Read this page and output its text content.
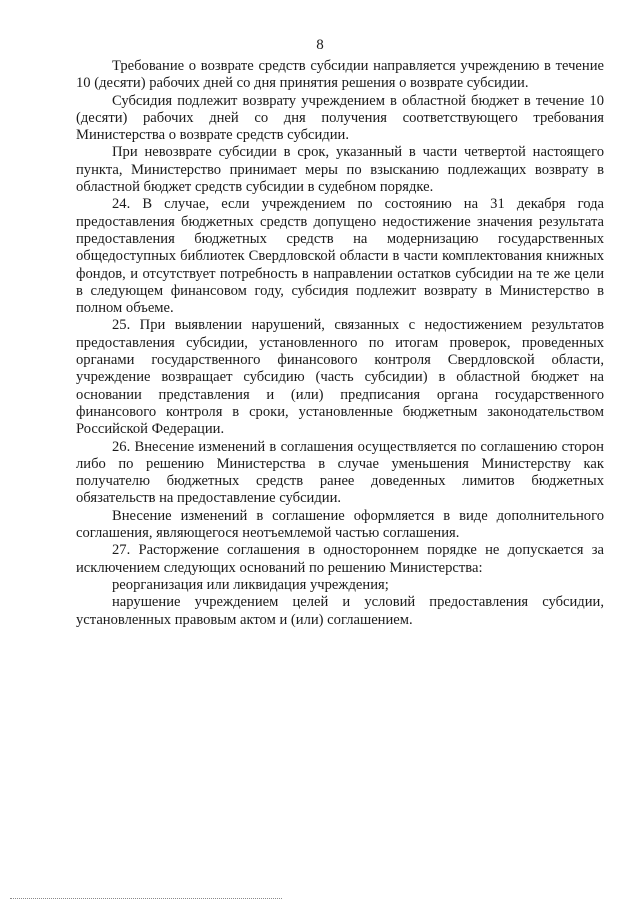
8

Требование о возврате средств субсидии направляется учреждению в течение 10 (десяти) рабочих дней со дня принятия решения о возврате субсидии.

Субсидия подлежит возврату учреждением в областной бюджет в течение 10 (десяти) рабочих дней со дня получения соответствующего требования Министерства о возврате средств субсидии.

При невозврате субсидии в срок, указанный в части четвертой настоящего пункта, Министерство принимает меры по взысканию подлежащих возврату в областной бюджет средств субсидии в судебном порядке.

24. В случае, если учреждением по состоянию на 31 декабря года предоставления бюджетных средств допущено недостижение значения результата предоставления бюджетных средств на модернизацию государственных общедоступных библиотек Свердловской области в части комплектования книжных фондов, и отсутствует потребность в направлении остатков субсидии на те же цели в следующем финансовом году, субсидия подлежит возврату в Министерство в полном объеме.

25. При выявлении нарушений, связанных с недостижением результатов предоставления субсидии, установленного по итогам проверок, проведенных органами государственного финансового контроля Свердловской области, учреждение возвращает субсидию (часть субсидии) в областной бюджет на основании представления и (или) предписания органа государственного финансового контроля в сроки, установленные бюджетным законодательством Российской Федерации.

26. Внесение изменений в соглашения осуществляется по соглашению сторон либо по решению Министерства в случае уменьшения Министерству как получателю бюджетных средств ранее доведенных лимитов бюджетных обязательств на предоставление субсидии.

Внесение изменений в соглашение оформляется в виде дополнительного соглашения, являющегося неотъемлемой частью соглашения.

27. Расторжение соглашения в одностороннем порядке не допускается за исключением следующих оснований по решению Министерства:

реорганизация или ликвидация учреждения;

нарушение учреждением целей и условий предоставления субсидии, установленных правовым актом и (или) соглашением.
